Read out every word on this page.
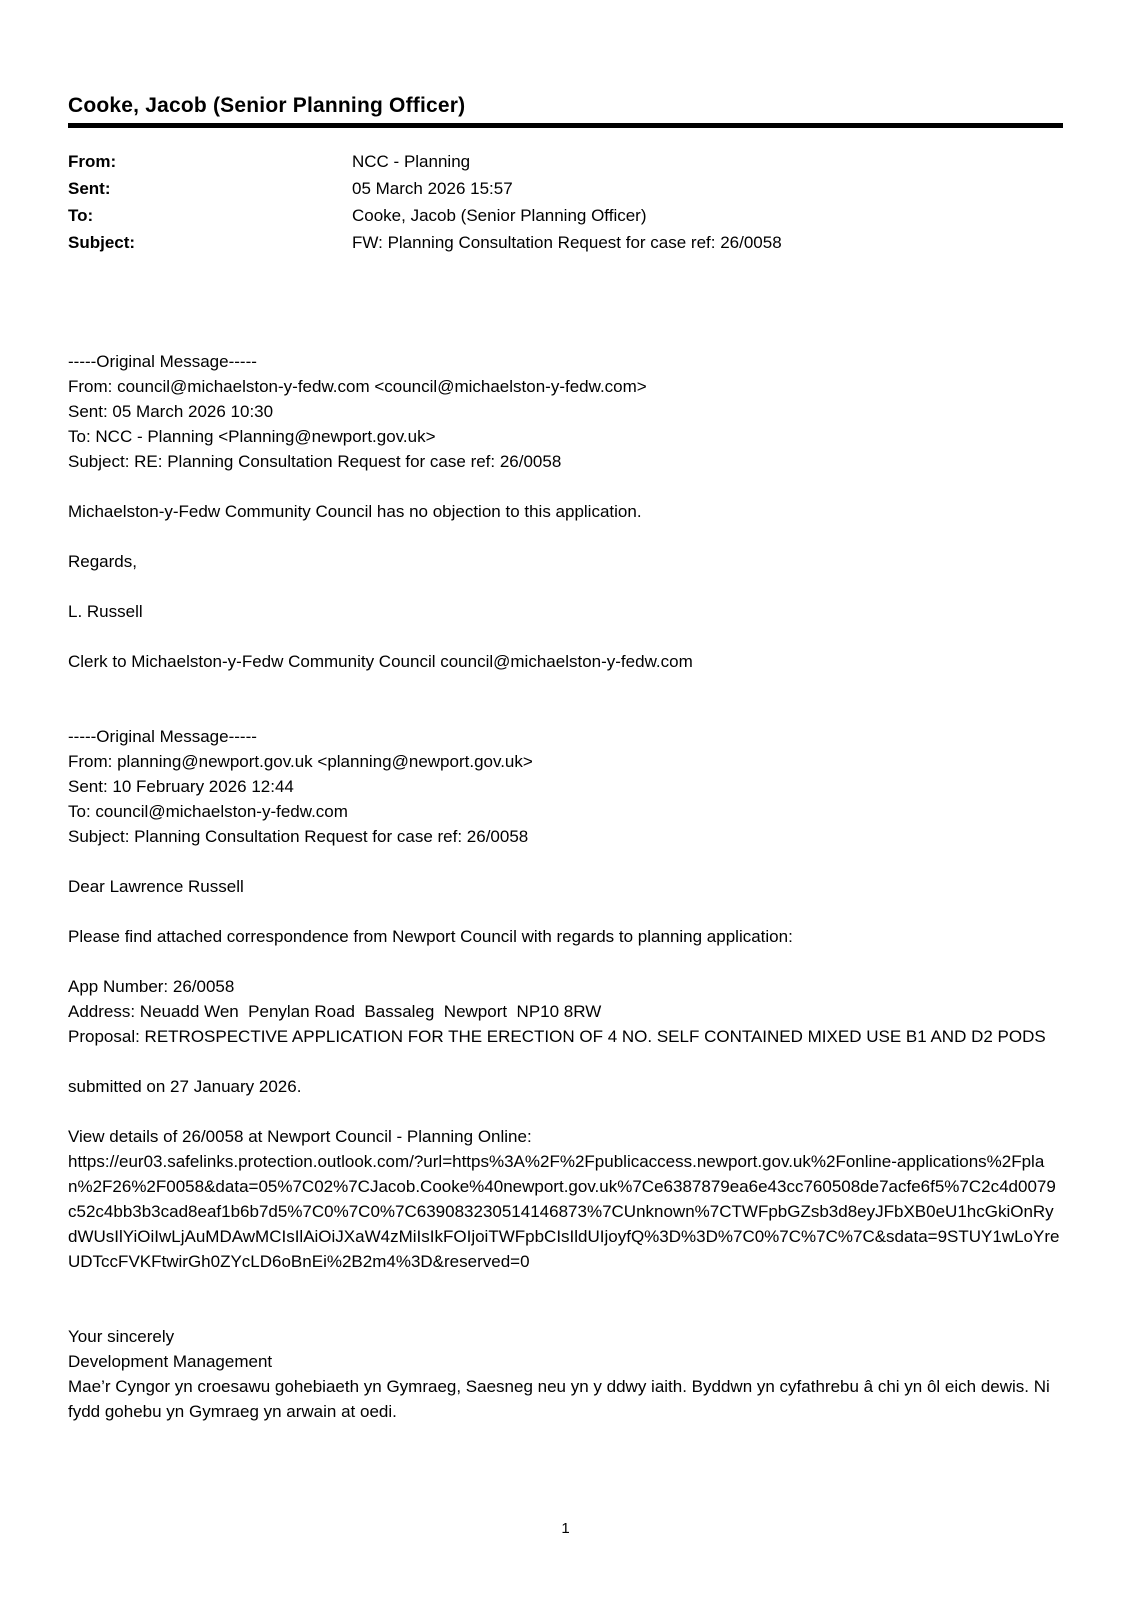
Cooke, Jacob (Senior Planning Officer)
From:	NCC - Planning
Sent:	05 March 2026 15:57
To:	Cooke, Jacob (Senior Planning Officer)
Subject:	FW: Planning Consultation Request for case ref: 26/0058
-----Original Message-----
From: council@michaelston-y-fedw.com <council@michaelston-y-fedw.com>
Sent: 05 March 2026 10:30
To: NCC - Planning <Planning@newport.gov.uk>
Subject: RE: Planning Consultation Request for case ref: 26/0058
Michaelston-y-Fedw Community Council has no objection to this application.
Regards,
L. Russell
Clerk to Michaelston-y-Fedw Community Council council@michaelston-y-fedw.com
-----Original Message-----
From: planning@newport.gov.uk <planning@newport.gov.uk>
Sent: 10 February 2026 12:44
To: council@michaelston-y-fedw.com
Subject: Planning Consultation Request for case ref: 26/0058
Dear Lawrence Russell
Please find attached correspondence from Newport Council with regards to planning application:
App Number: 26/0058
Address: Neuadd Wen  Penylan Road  Bassaleg  Newport  NP10 8RW
Proposal: RETROSPECTIVE APPLICATION FOR THE ERECTION OF 4 NO. SELF CONTAINED MIXED USE B1 AND D2 PODS
submitted on 27 January 2026.
View details of 26/0058 at Newport Council - Planning Online:
https://eur03.safelinks.protection.outlook.com/?url=https%3A%2F%2Fpublicaccess.newport.gov.uk%2Fonline-applications%2Fplan%2F26%2F0058&data=05%7C02%7CJacob.Cooke%40newport.gov.uk%7Ce6387879ea6e43cc760508de7acfe6f5%7C2c4d0079c52c4bb3b3cad8eaf1b6b7d5%7C0%7C0%7C639083230514146873%7CUnknown%7CTWFpbGZsb3d8eyJFbXB0eU1hcGkiOnRydWUsIlYiOiIwLjAuMDAwMCIsIlAiOiJXaW4zMiIsIkFOIjoiTWFpbCIsIldUIjoyfQ%3D%3D%7C0%7C%7C%7C&sdata=9STUY1wLoYreUDTccFVKFtwirGh0ZYcLD6oBnEi%2B2m4%3D&reserved=0
Your sincerely
Development Management
Mae’r Cyngor yn croesawu gohebiaeth yn Gymraeg, Saesneg neu yn y ddwy iaith. Byddwn yn cyfathrebu â chi yn ôl eich dewis. Ni fydd gohebu yn Gymraeg yn arwain at oedi.
1
